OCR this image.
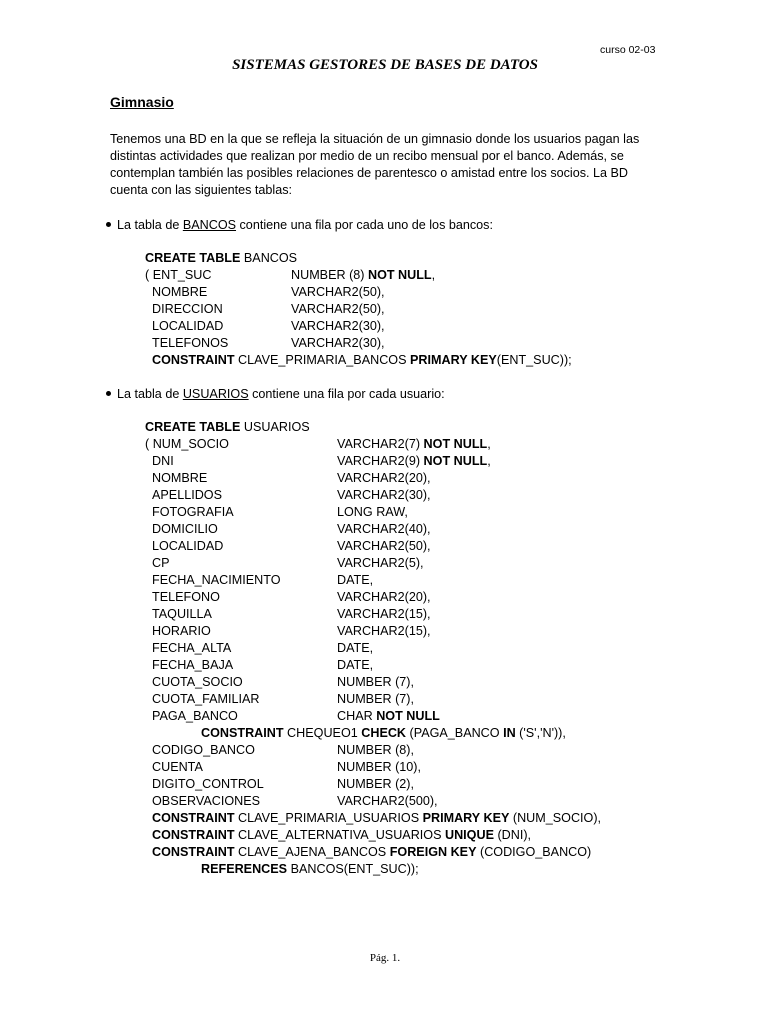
curso 02-03
SISTEMAS GESTORES DE BASES DE DATOS
Gimnasio
Tenemos una BD en la que se refleja la situación de un gimnasio donde los usuarios pagan las distintas actividades que realizan por medio de un recibo mensual por el banco. Además, se contemplan también las posibles relaciones de parentesco o amistad entre los socios. La BD cuenta con las siguientes tablas:
La tabla de BANCOS contiene una fila por cada uno de los bancos:
CREATE TABLE BANCOS
( ENT_SUC	NUMBER (8) NOT NULL,
NOMBRE	VARCHAR2(50),
DIRECCION	VARCHAR2(50),
LOCALIDAD	VARCHAR2(30),
TELEFONOS	VARCHAR2(30),
CONSTRAINT CLAVE_PRIMARIA_BANCOS PRIMARY KEY(ENT_SUC));
La tabla de USUARIOS contiene una fila por cada usuario:
CREATE TABLE USUARIOS
( NUM_SOCIO	VARCHAR2(7) NOT NULL,
DNI	VARCHAR2(9) NOT NULL,
NOMBRE	VARCHAR2(20),
APELLIDOS	VARCHAR2(30),
FOTOGRAFIA	LONG RAW,
DOMICILIO	VARCHAR2(40),
LOCALIDAD	VARCHAR2(50),
CP	VARCHAR2(5),
FECHA_NACIMIENTO	DATE,
TELEFONO	VARCHAR2(20),
TAQUILLA	VARCHAR2(15),
HORARIO	VARCHAR2(15),
FECHA_ALTA	DATE,
FECHA_BAJA	DATE,
CUOTA_SOCIO	NUMBER (7),
CUOTA_FAMILIAR	NUMBER (7),
PAGA_BANCO	CHAR NOT NULL
CONSTRAINT CHEQUEO1 CHECK (PAGA_BANCO IN ('S','N')),
CODIGO_BANCO	NUMBER (8),
CUENTA	NUMBER (10),
DIGITO_CONTROL	NUMBER (2),
OBSERVACIONES	VARCHAR2(500),
CONSTRAINT CLAVE_PRIMARIA_USUARIOS PRIMARY KEY (NUM_SOCIO),
CONSTRAINT CLAVE_ALTERNATIVA_USUARIOS UNIQUE (DNI),
CONSTRAINT CLAVE_AJENA_BANCOS FOREIGN KEY (CODIGO_BANCO)
REFERENCES BANCOS(ENT_SUC));
Pág. 1.
